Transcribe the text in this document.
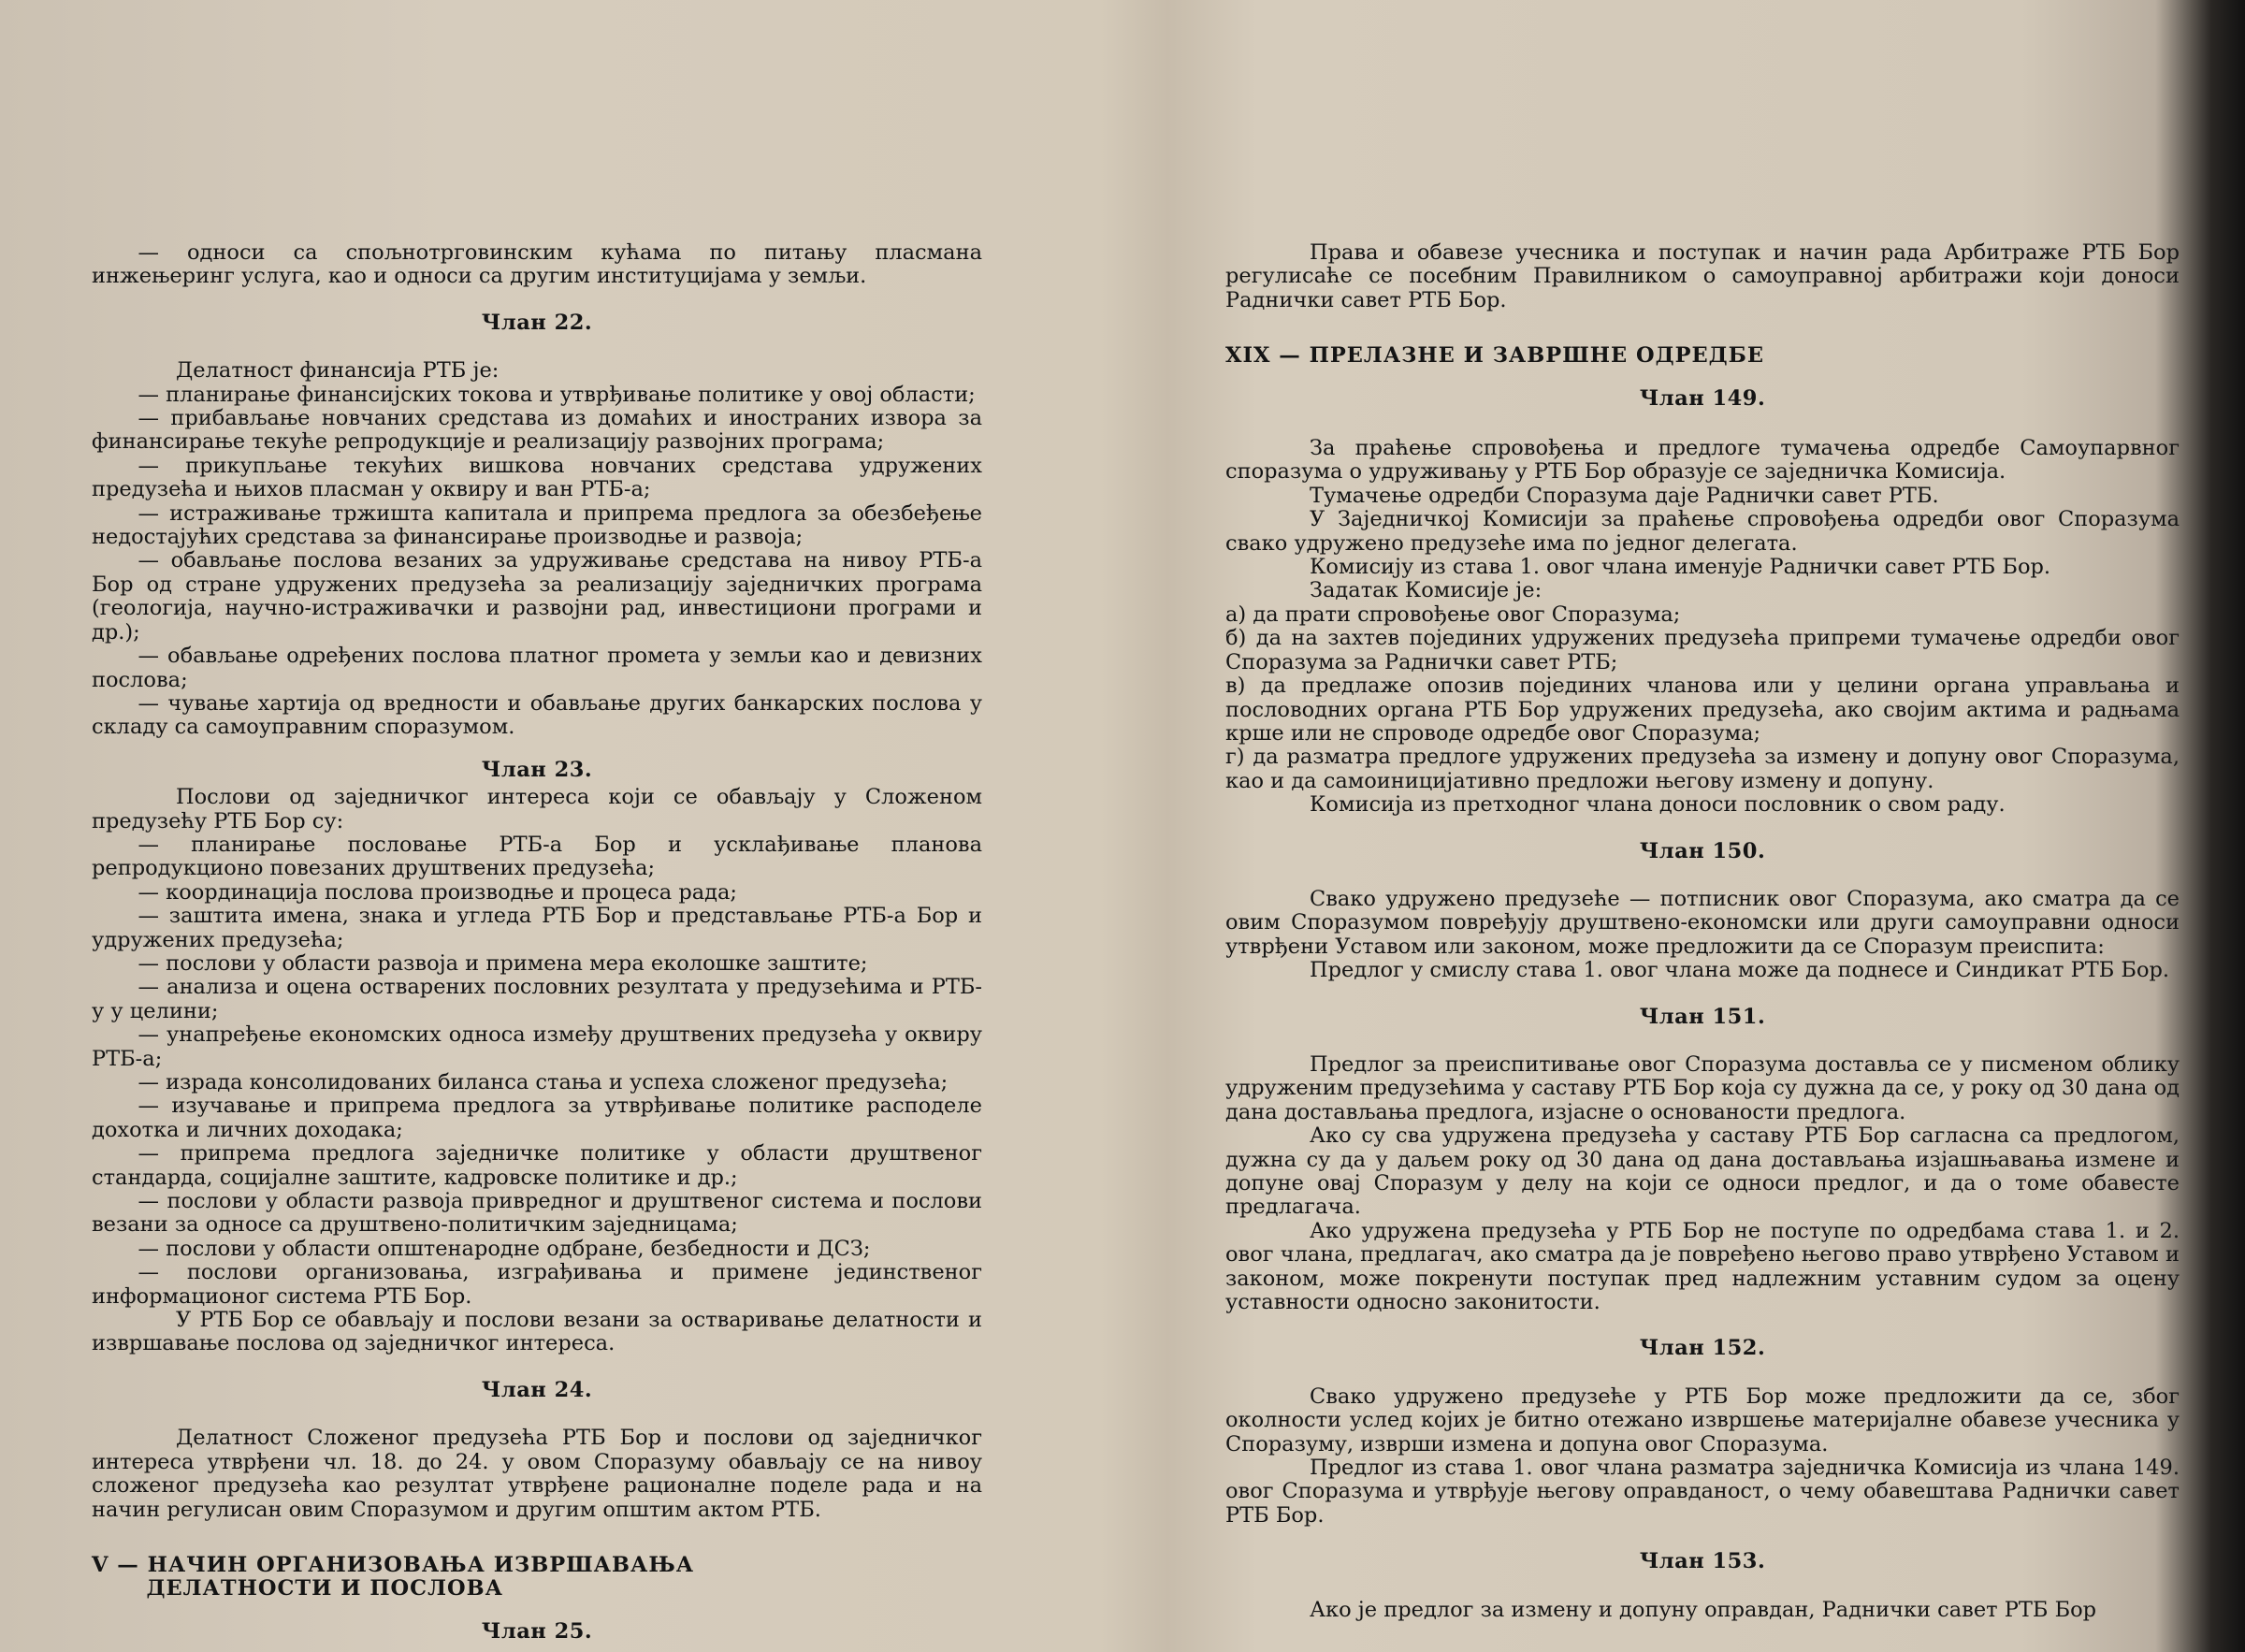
— односи са спољнотрговинским кућама по питању пласмана инжењеринг услуга, као и односи са другим институцијама у земљи.

Члан 22.

Делатност финансија РТБ је:

— планирање финансијских токова и утврђивање политике у овој области;

— прибављање новчаних средстава из домаћих и иностраних извора за финансирање текуће репродукције и реализацију развојних програма;

— прикупљање текућих вишкова новчаних средстава удружених предузећа и њихов пласман у оквиру и ван РТБ-а;

— истраживање тржишта капитала и припрема предлога за обезбеђење недостајућих средстава за финансирање производње и развоја;

— обављање послова везаних за удруживање средстава на нивоу РТБ-а Бор од стране удружених предузећа за реализацију заједничких програма (геологија, научно-истраживачки и развојни рад, инвестициони програми и др.);

— обављање одређених послова платног промета у земљи као и девизних послова;

— чување хартија од вредности и обављање других банкарских послова у складу са самоуправним споразумом.

Члан 23.

Послови од заједничког интереса који се обављају у Сложеном предузећу РТБ Бор су:

— планирање пословање РТБ-а Бор и усклађивање планова репродукционо повезаних друштвених предузећа;

— координација послова производње и процеса рада;

— заштита имена, знака и угледа РТБ Бор и представљање РТБ-а Бор и удружених предузећа;

— послови у области развоја и примена мера еколошке заштите;

— анализа и оцена остварених пословних резултата у предузећима и РТБ-у у целини;

— унапређење економских односа између друштвених предузећа у оквиру РТБ-а;

— израда консолидованих биланса стања и успеха сложеног предузећа;

— изучавање и припрема предлога за утврђивање политике расподеле дохотка и личних доходака;

— припрема предлога заједничке политике у области друштвеног стандарда, социјалне заштите, кадровске политике и др.;

— послови у области развоја привредног и друштвеног система и послови везани за односе са друштвено-политичким заједницама;

— послови у области општенародне одбране, безбедности и ДСЗ;

— послови организовања, изграђивања и примене јединственог информационог система РТБ Бор.

У РТБ Бор се обављају и послови везани за остваривање делатности и извршавање послова од заједничког интереса.

Члан 24.

Делатност Сложеног предузећа РТБ Бор и послови од заједничког интереса утврђени чл. 18. до 24. у овом Споразуму обављају се на нивоу сложеног предузећа као резултат утврђене рационалне поделе рада и на начин регулисан овим Споразумом и другим општим актом РТБ.

V — НАЧИН ОРГАНИЗОВАЊА ИЗВРШАВАЊА
ДЕЛАТНОСТИ И ПОСЛОВА
Члан 25.

Права и обавезе учесника и поступак и начин рада Арбитраже РТБ Бор регулисаће се посебним Правилником о самоуправној арбитражи који доноси Раднички савет РТБ Бор.

XIX — ПРЕЛАЗНЕ И ЗАВРШНЕ ОДРЕДБЕ
Члан 149.

За праћење спровођења и предлоге тумачења одредбе Самоупарвног споразума о удруживању у РТБ Бор образује се заједничка Комисија.

Тумачење одредби Споразума даје Раднички савет РТБ.

У Заједничкој Комисији за праћење спровођења одредби овог Споразума свако удружено предузеће има по једног делегата.

Комисију из става 1. овог члана именује Раднички савет РТБ Бор.

Задатак Комисије је:

а) да прати спровођење овог Споразума;

б) да на захтев појединих удружених предузећа припреми тумачење одредби овог Споразума за Раднички савет РТБ;

в) да предлаже опозив појединих чланова или у целини органа управљања и пословодних органа РТБ Бор удружених предузећа, ако својим актима и радњама крше или не спроводе одредбе овог Споразума;

г) да разматра предлоге удружених предузећа за измену и допуну овог Споразума, као и да самоиницијативно предложи његову измену и допуну.

Комисија из претходног члана доноси пословник о свом раду.

Члан 150.

Свако удружено предузеће — потписник овог Споразума, ако сматра да се овим Споразумом повређују друштвено-економски или други самоуправни односи утврђени Уставом или законом, може предложити да се Споразум преиспита:

Предлог у смислу става 1. овог члана може да поднесе и Синдикат РТБ Бор.

Члан 151.

Предлог за преиспитивање овог Споразума доставља се у писменом облику удруженим предузећима у саставу РТБ Бор која су дужна да се, у року од 30 дана од дана достављања предлога, изјасне о основаности предлога.

Ако су сва удружена предузећа у саставу РТБ Бор сагласна са предлогом, дужна су да у даљем року од 30 дана од дана достављања изјашњавања измене и допуне овај Споразум у делу на који се односи предлог, и да о томе обавесте предлагача.

Ако удружена предузећа у РТБ Бор не поступе по одредбама става 1. и 2. овог члана, предлагач, ако сматра да је повређено његово право утврђено Уставом и законом, може покренути поступак пред надлежним уставним судом за оцену уставности односно законитости.

Члан 152.

Свако удружено предузеће у РТБ Бор може предложити да се, због околности услед којих је битно отежано извршење материјалне обавезе учесника у Споразуму, изврши измена и допуна овог Споразума.

Предлог из става 1. овог члана разматра заједничка Комисија из члана 149. овог Споразума и утврђује његову оправданост, о чему обавештава Раднички савет РТБ Бор.

Члан 153.

Ако је предлог за измену и допуну оправдан, Раднички савет РТБ Бор
